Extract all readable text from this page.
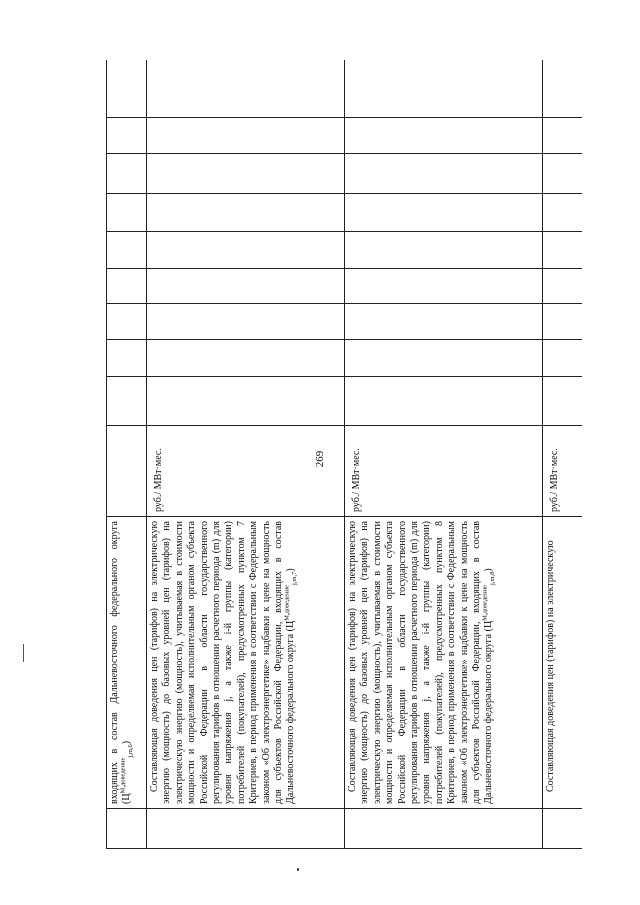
269
	входящих в состав Дальневосточного федерального округа $(Ц^{М,доведение}_{j,m,6})$										
	Составляющая доведения цен (тарифов) на электрическую энергию (мощность) до базовых уровней цен (тарифов) на электрическую энергию (мощность), учитываемая в стоимости мощности и определяемая исполнительным органом субъекта Российской Федерации в области государственного регулирования тарифов в отношении расчетного периода (m) для уровня напряжения j, а также i-й группы (категории) потребителей (покупателей), предусмотренных пунктом 7 Критериев, в период применения в соответствии с Федеральным законом «Об электроэнергетике» надбавки к цене на мощность для субъектов Российской Федерации, входящих в состав Дальневосточного федерального округа $(Ц^{М,доведение}_{j,m,7})$	руб./ МВт·мес.									
	Составляющая доведения цен (тарифов) на электрическую энергию (мощность) до базовых уровней цен (тарифов) на электрическую энергию (мощность), учитываемая в стоимости мощности и определяемая исполнительным органом субъекта Российской Федерации в области государственного регулирования тарифов в отношении расчетного периода (m) для уровня напряжения j, а также i-й группы (категории) потребителей (покупателей), предусмотренных пунктом 8 Критериев, в период применения в соответствии с Федеральным законом «Об электроэнергетике» надбавки к цене на мощность для субъектов Российской Федерации, входящих в состав Дальневосточного федерального округа $(Ц^{М,доведение}_{j,m,8})$	руб./ МВт·мес.									
	Составляющая доведения цен (тарифов) на электрическую	руб./ МВт·мес.									
